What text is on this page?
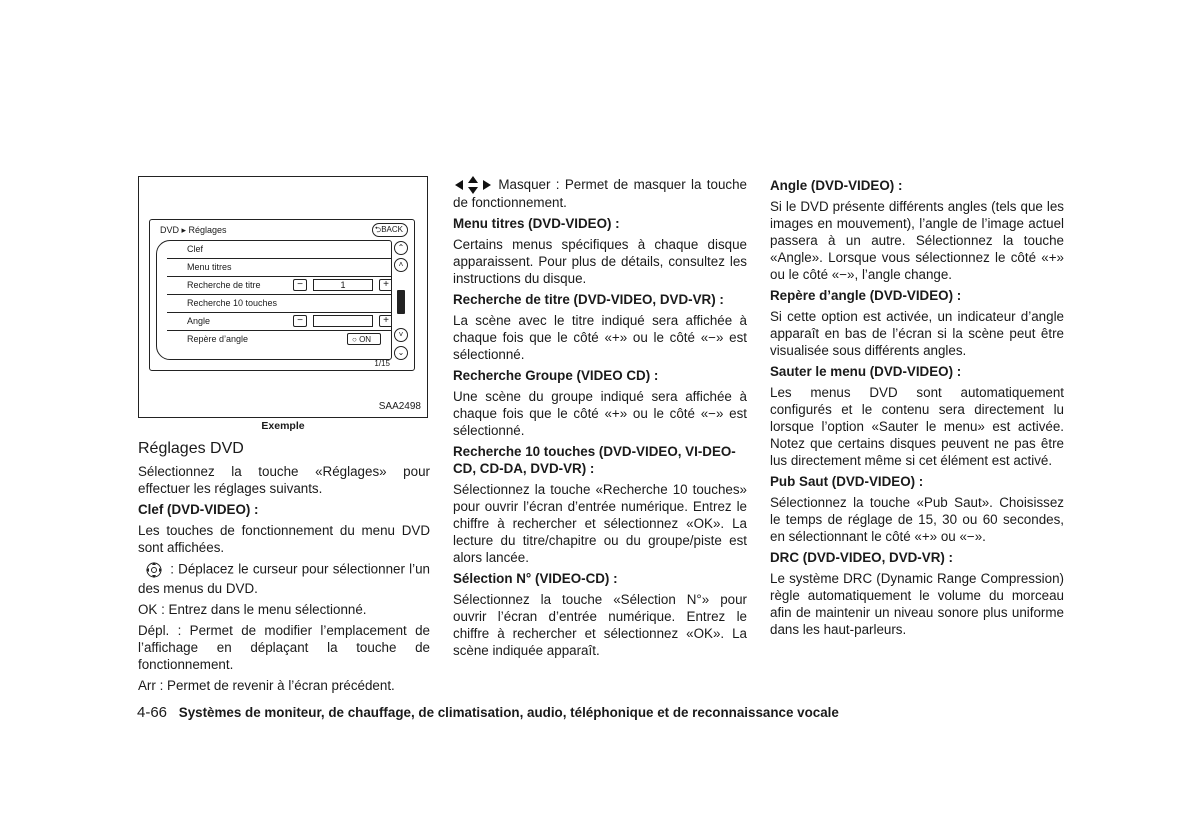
DVD ▸ Réglages	⮌BACK
Clef
Menu titres
Recherche de titre	−	1	+
Recherche 10 touches
Angle	−	+
Repère d’angle	○ ON
⌃
˄
˅
⌄
1/15
SAA2498
Exemple
Réglages DVD

Sélectionnez la touche «Réglages» pour effectuer les réglages suivants.

Clef (DVD-VIDEO) :

Les touches de fonctionnement du menu DVD sont affichées.

: Déplacez le curseur pour sélectionner l’un des menus du DVD.

OK : Entrez dans le menu sélectionné.

Dépl. : Permet de modifier l’emplacement de l’affichage en déplaçant la touche de fonctionnement.

Arr : Permet de revenir à l’écran précédent.

Masquer : Permet de masquer la touche de fonctionnement.

Menu titres (DVD-VIDEO) :

Certains menus spécifiques à chaque disque apparaissent. Pour plus de détails, consultez les instructions du disque.

Recherche de titre (DVD-VIDEO, DVD-VR) :

La scène avec le titre indiqué sera affichée à chaque fois que le côté «+» ou le côté «−» est sélectionné.

Recherche Groupe (VIDEO CD) :

Une scène du groupe indiqué sera affichée à chaque fois que le côté «+» ou le côté «−» est sélectionné.

Recherche 10 touches (DVD-VIDEO, VI-DEO-CD, CD-DA, DVD-VR) :

Sélectionnez la touche «Recherche 10 touches» pour ouvrir l’écran d’entrée numérique. Entrez le chiffre à rechercher et sélectionnez «OK». La lecture du titre/chapitre ou du groupe/piste est alors lancée.

Sélection N° (VIDEO-CD) :

Sélectionnez la touche «Sélection N°» pour ouvrir l’écran d’entrée numérique. Entrez le chiffre à rechercher et sélectionnez «OK». La scène indiquée apparaît.

Angle (DVD-VIDEO) :

Si le DVD présente différents angles (tels que les images en mouvement), l’angle de l’image actuel passera à un autre. Sélectionnez la touche «Angle». Lorsque vous sélectionnez le côté «+» ou le côté «−», l’angle change.

Repère d’angle (DVD-VIDEO) :

Si cette option est activée, un indicateur d’angle apparaît en bas de l’écran si la scène peut être visualisée sous différents angles.

Sauter le menu (DVD-VIDEO) :

Les menus DVD sont automatiquement configurés et le contenu sera directement lu lorsque l’option «Sauter le menu» est activée. Notez que certains disques peuvent ne pas être lus directement même si cet élément est activé.

Pub Saut (DVD-VIDEO) :

Sélectionnez la touche «Pub Saut». Choisissez le temps de réglage de 15, 30 ou 60 secondes, en sélectionnant le côté «+» ou «−».

DRC (DVD-VIDEO, DVD-VR) :

Le système DRC (Dynamic Range Compression) règle automatiquement le volume du morceau afin de maintenir un niveau sonore plus uniforme dans les haut-parleurs.

4-66 Systèmes de moniteur, de chauffage, de climatisation, audio, téléphonique et de reconnaissance vocale
